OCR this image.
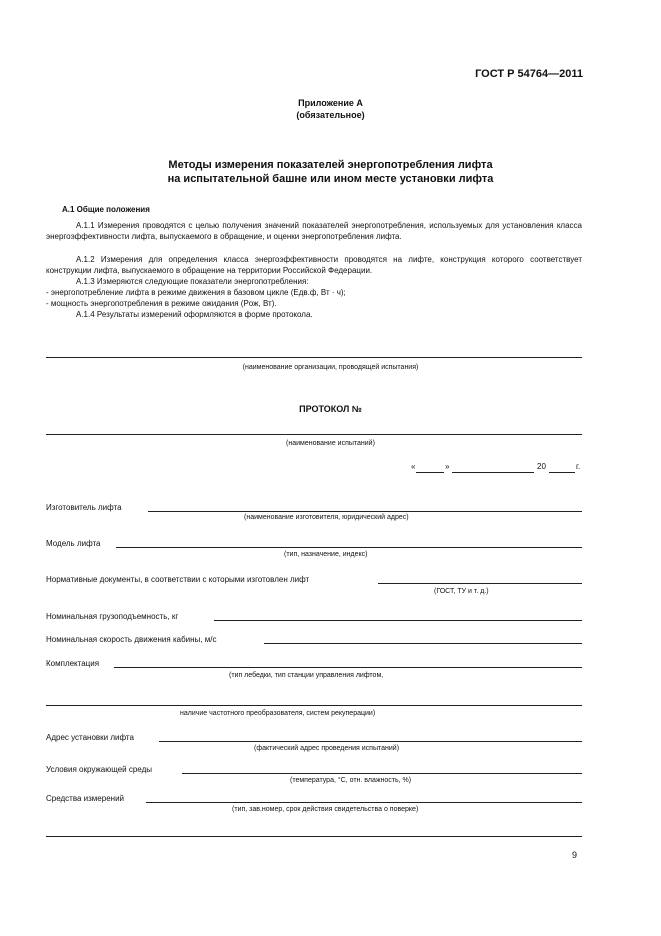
ГОСТ Р 54764—2011
Приложение А
(обязательное)
Методы измерения показателей энергопотребления лифта
на испытательной башне или ином месте установки лифта
А.1 Общие положения
А.1.1 Измерения проводятся с целью получения значений показателей энергопотребления, используемых для установления класса энергоэффективности лифта, выпускаемого в обращение, и оценки энергопотребления лифта.
А.1.2 Измерения для определения класса энергоэффективности проводятся на лифте, конструкция которого соответствует конструкции лифта, выпускаемого в обращение на территории Российской Федерации.
А.1.3 Измеряются следующие показатели энергопотребления:
- энергопотребление лифта в режиме движения в базовом цикле (Eдв.ф, Вт · ч);
- мощность энергопотребления в режиме ожидания (Pож, Вт).
А.1.4 Результаты измерений оформляются в форме протокола.
(наименование организации, проводящей испытания)
ПРОТОКОЛ №
(наименование испытаний)
«	»	20	г.
Изготовитель лифта
(наименование изготовителя, юридический адрес)
Модель лифта
(тип, назначение, индекс)
Нормативные документы, в соответствии с которыми изготовлен лифт
(ГОСТ, ТУ и т. д.)
Номинальная грузоподъемность, кг
Номинальная скорость движения кабины, м/с
Комплектация
(тип лебедки, тип станции управления лифтом,
наличие частотного преобразователя, систем рекуперации)
Адрес установки лифта
(фактический адрес проведения испытаний)
Условия окружающей среды
(температура, °С, отн. влажность, %)
Средства измерений
(тип, зав.номер, срок действия свидетельства о поверке)
9
